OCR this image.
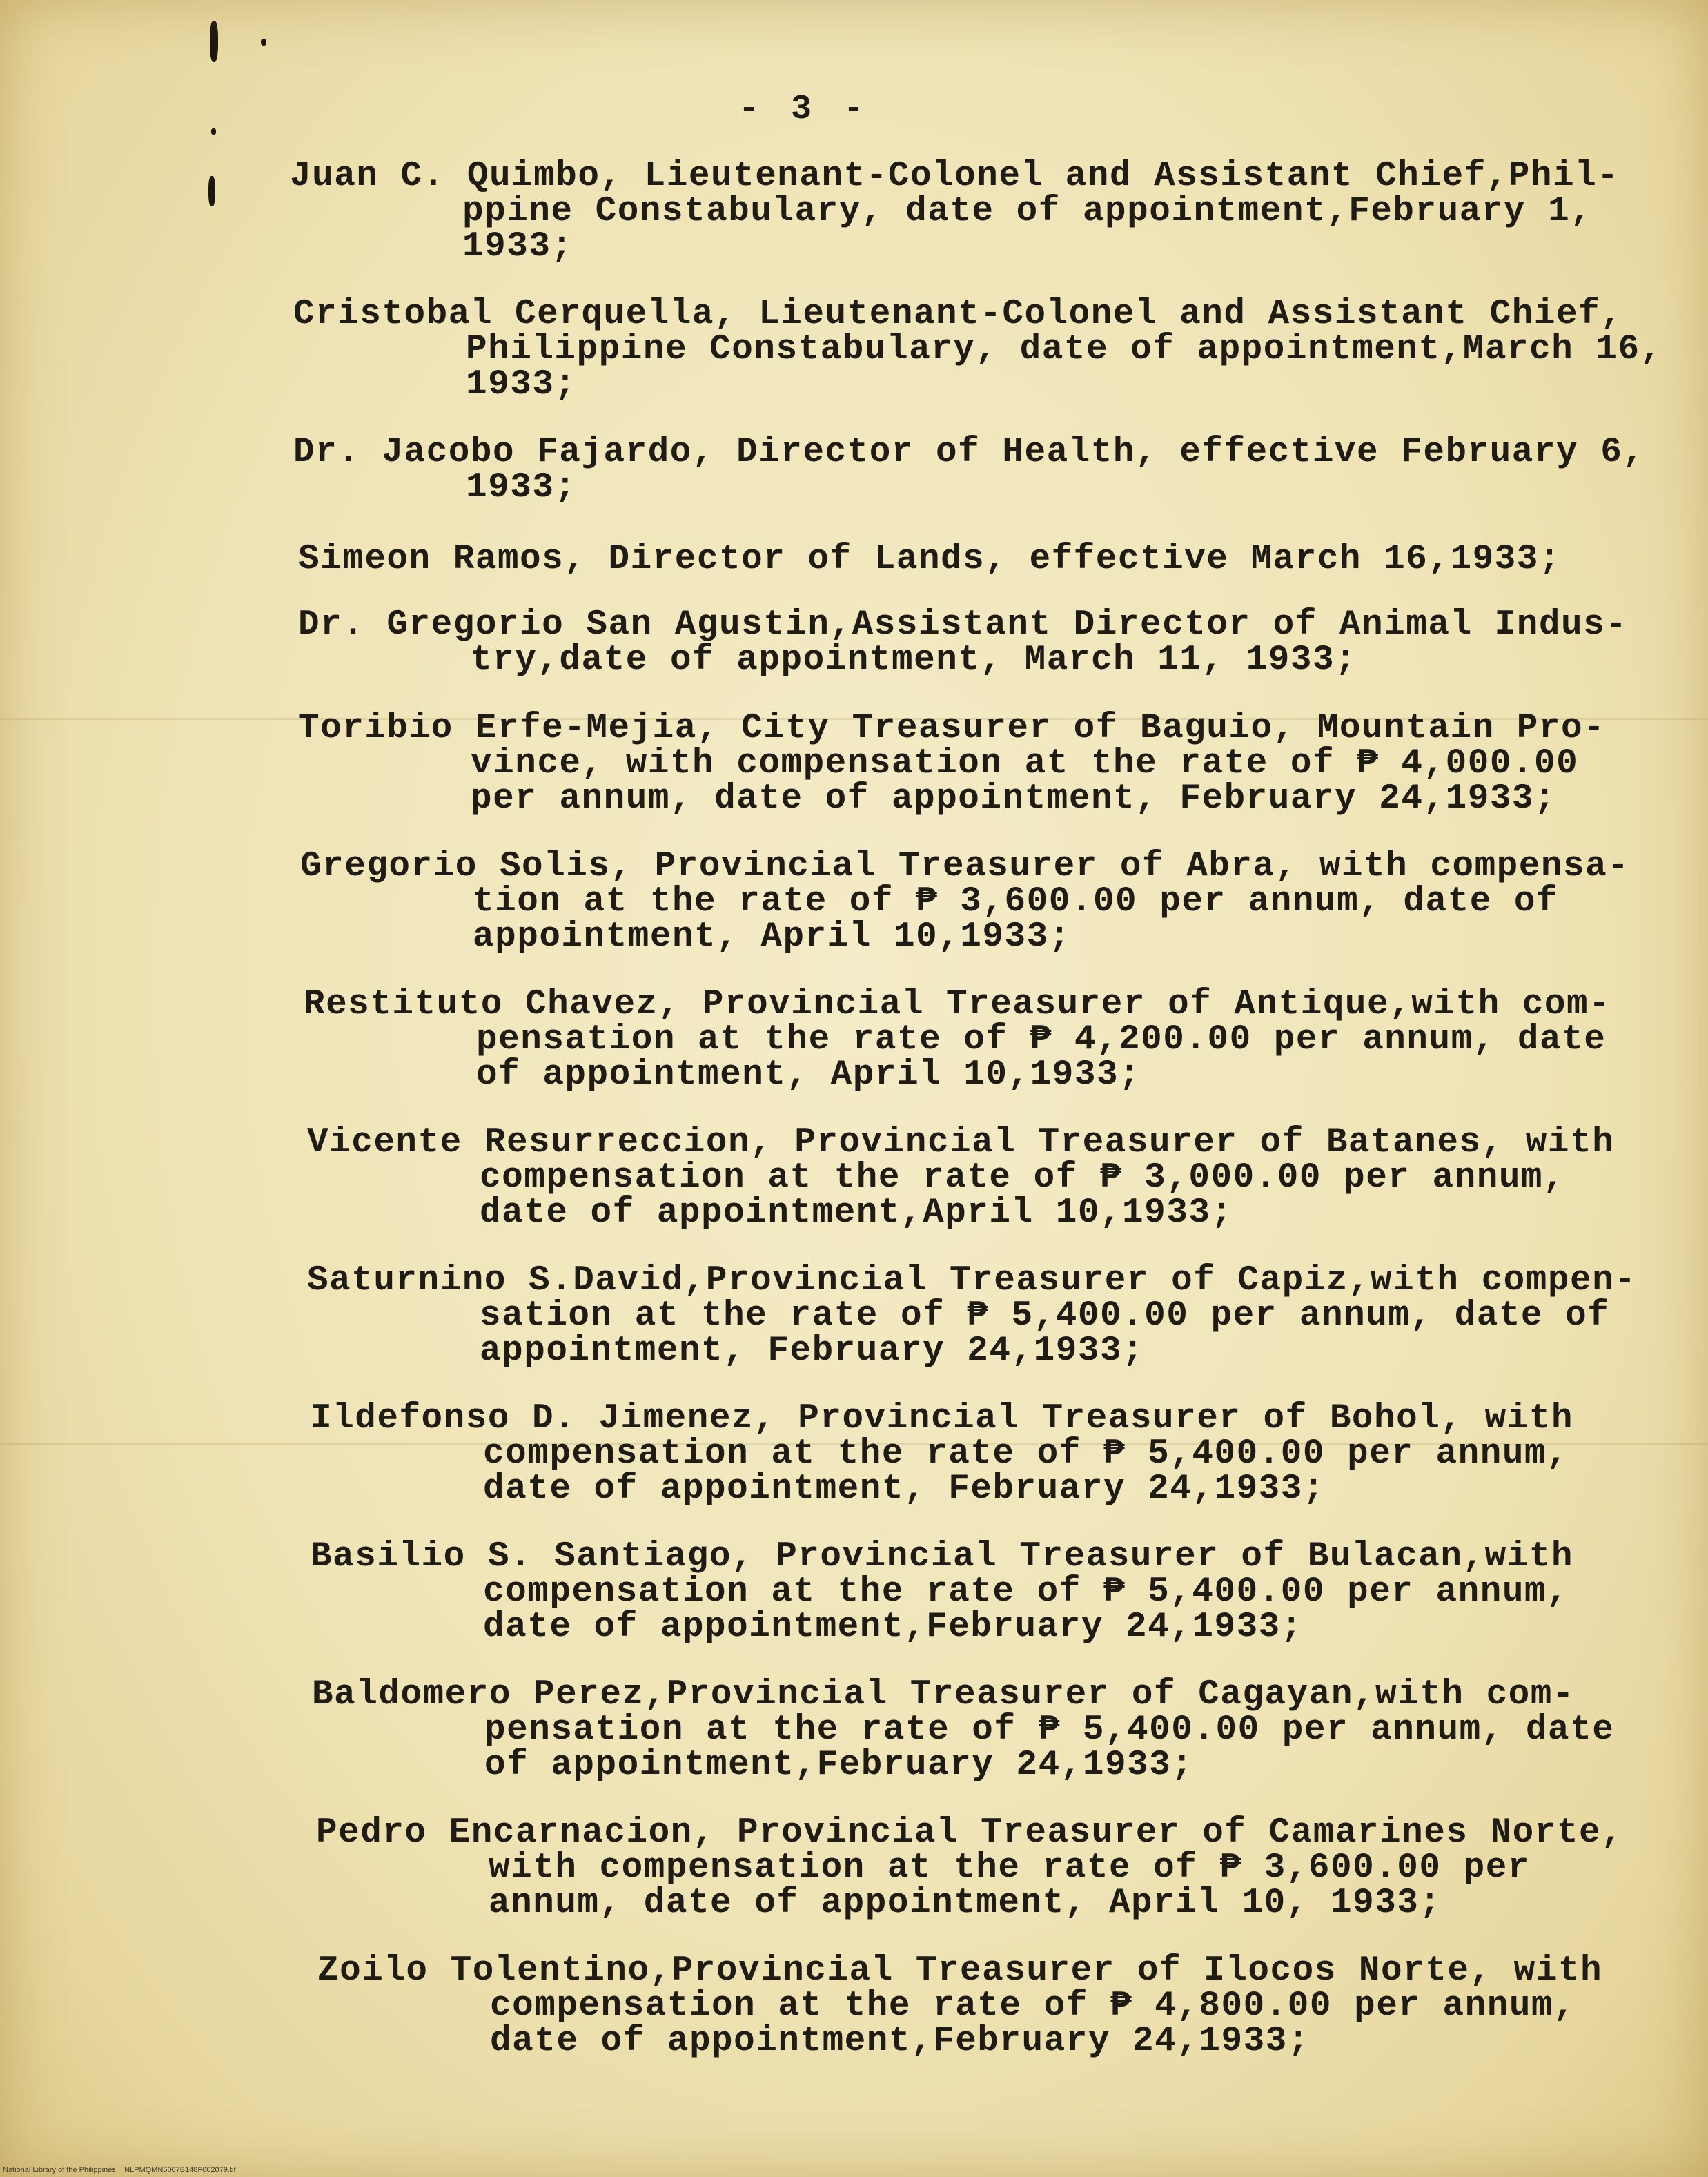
- 3 -

Juan C. Quimbo, Lieutenant-Colonel and Assistant Chief,Phil-
ppine Constabulary, date of appointment,February 1,
1933;
Cristobal Cerquella, Lieutenant-Colonel and Assistant Chief,
Philippine Constabulary, date of appointment,March 16,
1933;
Dr. Jacobo Fajardo, Director of Health, effective February 6,
1933;
Simeon Ramos, Director of Lands, effective March 16,1933;
Dr. Gregorio San Agustin,Assistant Director of Animal Indus-
try,date of appointment, March 11, 1933;
Toribio Erfe-Mejia, City Treasurer of Baguio, Mountain Pro-
vince, with compensation at the rate of ₱ 4,000.00
per annum, date of appointment, February 24,1933;
Gregorio Solis, Provincial Treasurer of Abra, with compensa-
tion at the rate of ₱ 3,600.00 per annum, date of
appointment, April 10,1933;
Restituto Chavez, Provincial Treasurer of Antique,with com-
pensation at the rate of ₱ 4,200.00 per annum, date
of appointment, April 10,1933;
Vicente Resurreccion, Provincial Treasurer of Batanes, with
compensation at the rate of ₱ 3,000.00 per annum,
date of appointment,April 10,1933;
Saturnino S.David,Provincial Treasurer of Capiz,with compen-
sation at the rate of ₱ 5,400.00 per annum, date of
appointment, February 24,1933;
Ildefonso D. Jimenez, Provincial Treasurer of Bohol, with
compensation at the rate of ₱ 5,400.00 per annum,
date of appointment, February 24,1933;
Basilio S. Santiago, Provincial Treasurer of Bulacan,with
compensation at the rate of ₱ 5,400.00 per annum,
date of appointment,February 24,1933;
Baldomero Perez,Provincial Treasurer of Cagayan,with com-
pensation at the rate of ₱ 5,400.00 per annum, date
of appointment,February 24,1933;
Pedro Encarnacion, Provincial Treasurer of Camarines Norte,
with compensation at the rate of ₱ 3,600.00 per
annum, date of appointment, April 10, 1933;
Zoilo Tolentino,Provincial Treasurer of Ilocos Norte, with
compensation at the rate of ₱ 4,800.00 per annum,
date of appointment,February 24,1933;
National Library of the Philippines    NLPMQMN5007B148F002079.tif
